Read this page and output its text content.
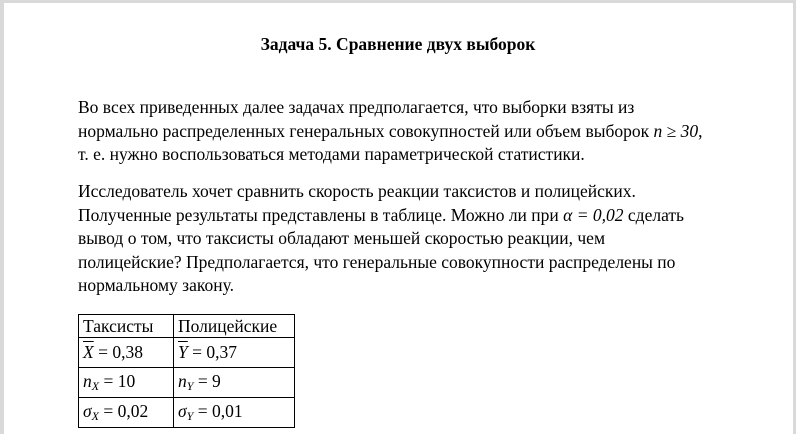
Задача 5. Сравнение двух выборок
Во всех приведенных далее задачах предполагается, что выборки взяты из
нормально распределенных генеральных совокупностей или объем выборок n ≥ 30,
т. е. нужно воспользоваться методами параметрической статистики.
Исследователь хочет сравнить скорость реакции таксистов и полицейских.
Полученные результаты представлены в таблице. Можно ли при α = 0,02 сделать
вывод о том, что таксисты обладают меньшей скоростью реакции, чем
полицейские? Предполагается, что генеральные совокупности распределены по
нормальному закону.
Таксисты	Полицейские
$\overline{X} = 0,38$	$\overline{Y} = 0,37$
$n_X = 10$	$n_Y = 9$
$\sigma_X = 0,02$	$\sigma_Y = 0,01$
